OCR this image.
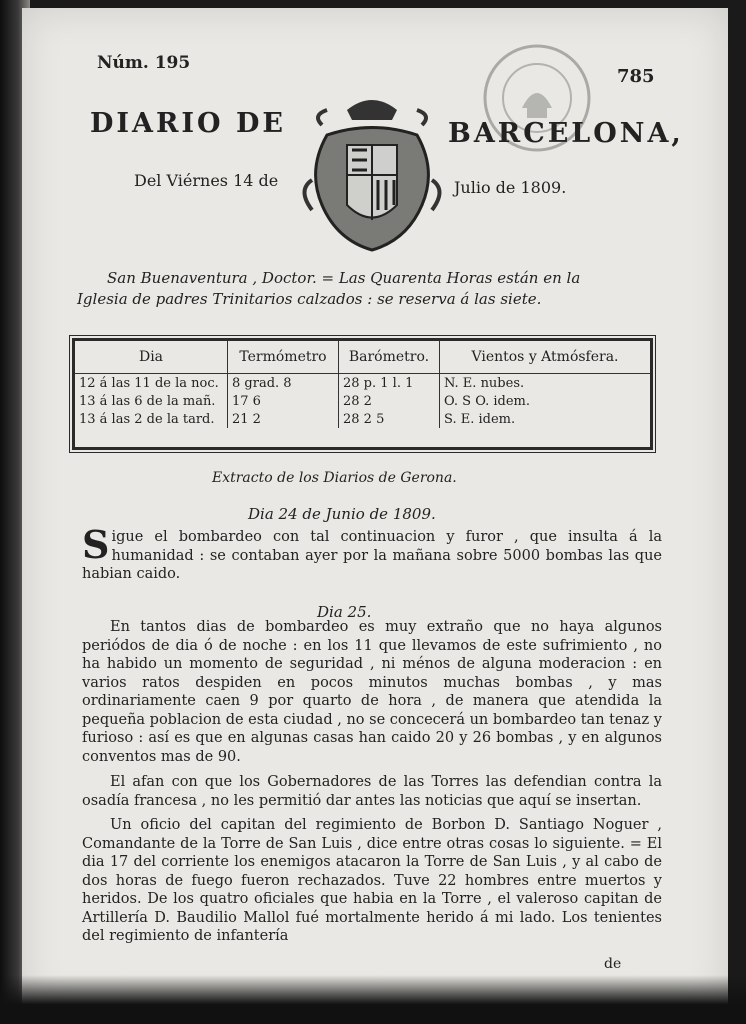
Núm. 195
785
DIARIO DE	BARCELONA,
Del Viérnes 14 de	Julio de 1809.
San Buenaventura , Doctor. = Las Quarenta Horas están en la
Iglesia de padres Trinitarios calzados : se reserva á las siete.
Dia	Termómetro	Barómetro.	Vientos y Atmósfera.
12 á las 11 de la noc.	8 grad. 8	28 p. 1 l. 1	N. E. nubes.
13 á las 6 de la mañ.	17 6	28 2	O. S O. idem.
13 á las 2 de la tard.	21 2	28 2 5	S. E. idem.
Extracto de los Diarios de Gerona.
Dia 24 de Junio de 1809.
Sigue el bombardeo con tal continuacion y furor , que insulta á la humanidad : se contaban ayer por la mañana sobre 5000 bombas las que habian caido.
Dia 25.
En tantos dias de bombardeo es muy extraño que no haya algunos periódos de dia ó de noche : en los 11 que llevamos de este sufrimiento , no ha habido un momento de seguridad , ni ménos de alguna moderacion : en varios ratos despiden en pocos minutos muchas bombas , y mas ordinariamente caen 9 por quarto de hora , de manera que atendida la pequeña poblacion de esta ciudad , no se concecerá un bombardeo tan tenaz y furioso : así es que en algunas casas han caido 20 y 26 bombas , y en algunos conventos mas de 90.
El afan con que los Gobernadores de las Torres las defendian contra la osadía francesa , no les permitió dar antes las noticias que aquí se insertan.
Un oficio del capitan del regimiento de Borbon D. Santiago Noguer , Comandante de la Torre de San Luis , dice entre otras cosas lo siguiente. = El dia 17 del corriente los enemigos atacaron la Torre de San Luis , y al cabo de dos horas de fuego fueron rechazados. Tuve 22 hombres entre muertos y heridos. De los quatro oficiales que habia en la Torre , el valeroso capitan de Artillería D. Baudilio Mallol fué mortalmente herido á mi lado. Los tenientes del regimiento de infantería
de
